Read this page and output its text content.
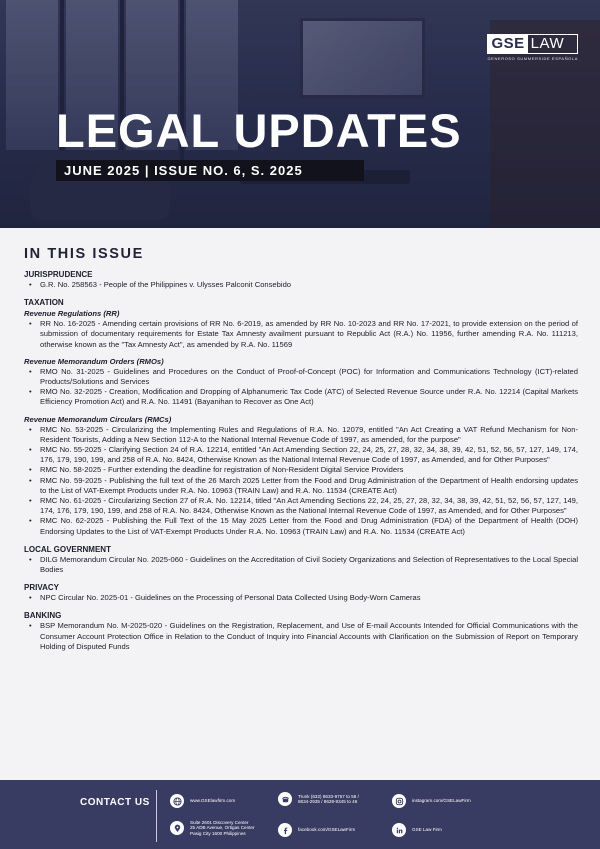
GSE LAW
GENEROSO SUMMERSIDE ESPAÑOLA
LEGAL UPDATES
JUNE 2025 | ISSUE NO. 6, S. 2025
IN THIS ISSUE
JURISPRUDENCE
• G.R. No. 258563 - People of the Philippines v. Ulysses Palconit Consebido
TAXATION
Revenue Regulations (RR)
• RR No. 16-2025 - Amending certain provisions of RR No. 6-2019, as amended by RR No. 10-2023 and RR No. 17-2021, to provide extension on the period of submission of documentary requirements for Estate Tax Amnesty availment pursuant to Republic Act (R.A.) No. 11956, further amending R.A. No. 111213, otherwise known as the "Tax Amnesty Act", as amended by R.A. No. 11569
Revenue Memorandum Orders (RMOs)
• RMO No. 31-2025 - Guidelines and Procedures on the Conduct of Proof-of-Concept (POC) for Information and Communications Technology (ICT)-related Products/Solutions and Services
• RMO No. 32-2025 - Creation, Modification and Dropping of Alphanumeric Tax Code (ATC) of Selected Revenue Source under R.A. No. 12214 (Capital Markets Efficiency Promotion Act) and R.A. No. 11491 (Bayanihan to Recover as One Act)
Revenue Memorandum Circulars (RMCs)
• RMC No. 53-2025 - Circularizing the Implementing Rules and Regulations of R.A. No. 12079, entitled "An Act Creating a VAT Refund Mechanism for Non-Resident Tourists, Adding a New Section 112-A to the National Internal Revenue Code of 1997, as amended, for the purpose"
• RMC No. 55-2025 - Clarifying Section 24 of R.A. 12214, entitled "An Act Amending Section 22, 24, 25, 27, 28, 32, 34, 38, 39, 42, 51, 52, 56, 57, 127, 149, 174, 176, 179, 190, 199, and 258 of R.A. No. 8424, Otherwise Known as the National Internal Revenue Code of 1997, as Amended, and for Other Purposes"
• RMC No. 58-2025 - Further extending the deadline for registration of Non-Resident Digital Service Providers
• RMC No. 59-2025 - Publishing the full text of the 26 March 2025 Letter from the Food and Drug Administration of the Department of Health endorsing updates to the List of VAT-Exempt Products under R.A. No. 10963 (TRAIN Law) and R.A. No. 11534 (CREATE Act)
• RMC No. 61-2025 - Circularizing Section 27 of R.A. No. 12214, titled "An Act Amending Sections 22, 24, 25, 27, 28, 32, 34, 38, 39, 42, 51, 52, 56, 57, 127, 149, 174, 176, 179, 190, 199, and 258 of R.A. No. 8424, Otherwise Known as the National Internal Revenue Code of 1997, as Amended, and for Other Purposes"
• RMC No. 62-2025 - Publishing the Full Text of the 15 May 2025 Letter from the Food and Drug Administration (FDA) of the Department of Health (DOH) Endorsing Updates to the List of VAT-Exempt Products Under R.A. No. 10963 (TRAIN Law) and R.A. No. 11534 (CREATE Act)
LOCAL GOVERNMENT
• DILG Memorandum Circular No. 2025-060 - Guidelines on the Accreditation of Civil Society Organizations and Selection of Representatives to the Local Special Bodies
PRIVACY
• NPC Circular No. 2025-01 - Guidelines on the Processing of Personal Data Collected Using Body-Worn Cameras
BANKING
• BSP Memorandum No. M-2025-020 - Guidelines on the Registration, Replacement, and Use of E-mail Accounts Intended for Official Communications with the Consumer Account Protection Office in Relation to the Conduct of Inquiry into Financial Accounts with Clarification on the Submission of Report on Temporary Holding of Disputed Funds
CONTACT US	www.GSElawfirm.com
Trunk (632) 8633-9757 to 58 /
8634-2935 / 8638-9345 to 46	instagram.com/GSELawFirm
Suite 2601 Discovery Center
25 ADB Avenue, Ortigas Center
Pasig City 1600 Philippines
facebook.com/GSELawFirm	GSE Law Firm
